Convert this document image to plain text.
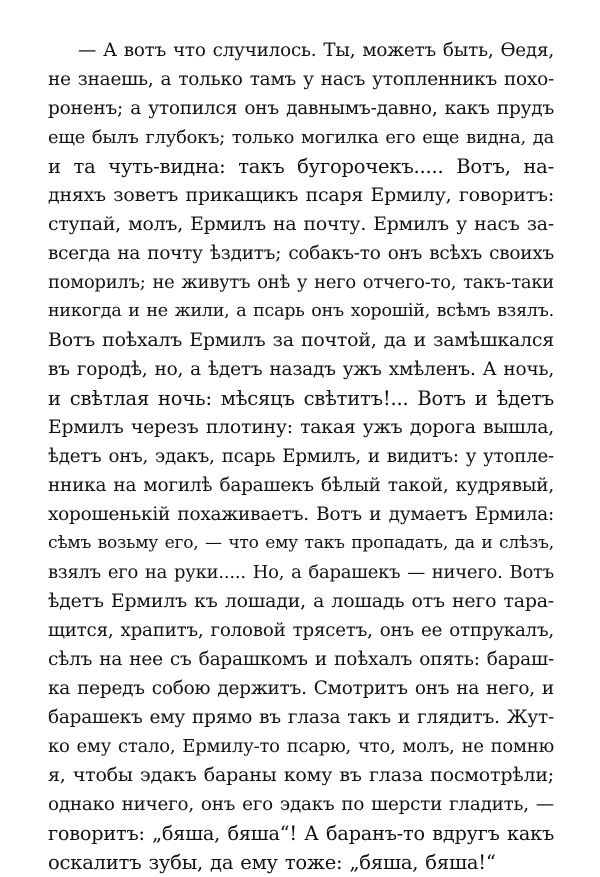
— А вотъ что случилось. Ты, можетъ быть, Ѳедя,
не знаешь, а только тамъ у насъ утопленникъ похо-
роненъ; а утопился онъ давнымъ-давно, какъ прудъ
еще былъ глубокъ; только могилка его еще видна, да
и та чуть-видна: такъ бугорочекъ..... Вотъ, на-
дняхъ зоветъ прикащикъ псаря Ермилу, говоритъ:
ступай, молъ, Ермилъ на почту. Ермилъ у насъ за-
всегда на почту ѣздитъ; собакъ-то онъ всѣхъ своихъ
поморилъ; не живутъ онѣ у него отчего-то, такъ-таки
никогда и не жили, а псарь онъ хорошій, всѣмъ взялъ.
Вотъ поѣхалъ Ермилъ за почтой, да и замѣшкался
въ городѣ, но, а ѣдетъ назадъ ужъ хмѣленъ. А ночь,
и свѣтлая ночь: мѣсяцъ свѣтитъ!... Вотъ и ѣдетъ
Ермилъ черезъ плотину: такая ужъ дорога вышла,
ѣдетъ онъ, эдакъ, псарь Ермилъ, и видитъ: у утопле-
нника на могилѣ барашекъ бѣлый такой, кудрявый,
хорошенькій похаживаетъ. Вотъ и думаетъ Ермила:
сѣмъ возьму его, — что ему такъ пропадать, да и слѣзъ,
взялъ его на руки..... Но, а барашекъ — ничего. Вотъ
ѣдетъ Ермилъ къ лошади, а лошадь отъ него тара-
щится, храпитъ, головой трясетъ, онъ ее отпрукалъ,
сѣлъ на нее съ барашкомъ и поѣхалъ опять: бараш-
ка передъ собою держитъ. Смотритъ онъ на него, и
барашекъ ему прямо въ глаза такъ и глядитъ. Жут-
ко ему стало, Ермилу-то псарю, что, молъ, не помню
я, чтобы эдакъ бараны кому въ глаза посмотрѣли;
однако ничего, онъ его эдакъ по шерсти гладить, —
говоритъ: „бяша, бяша“! А баранъ-то вдругъ какъ
оскалитъ зубы, да ему тоже: „бяша, бяша!“
